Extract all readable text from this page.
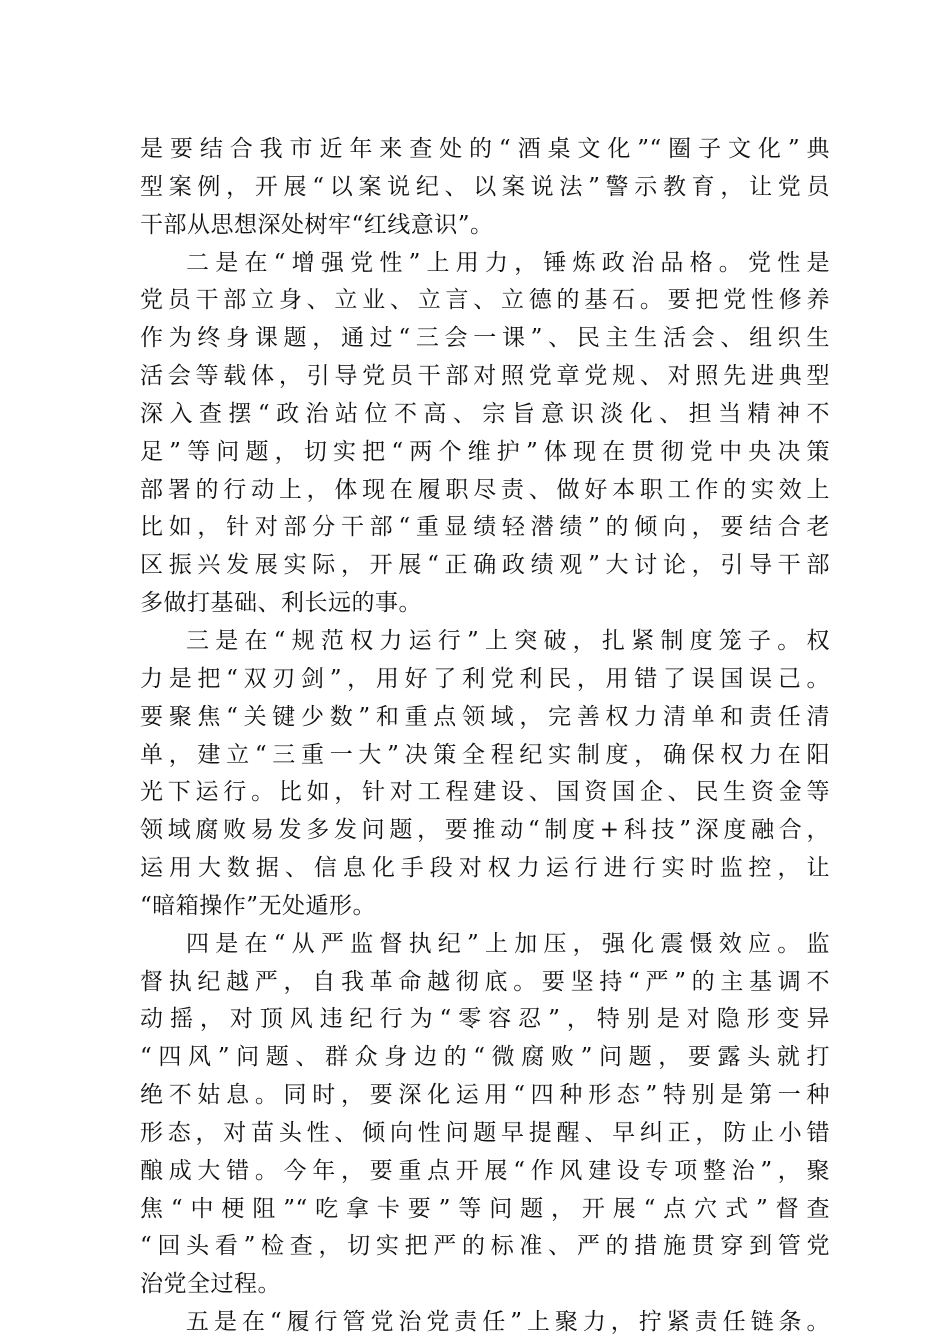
是要结合我市近年来查处的“酒桌文化”“圈子文化”典
型案例，开展“以案说纪、以案说法”警示教育，让党员
干部从思想深处树牢“红线意识”。
二是在“增强党性”上用力，锤炼政治品格。党性是
党员干部立身、立业、立言、立德的基石。要把党性修养
作为终身课题，通过“三会一课”、民主生活会、组织生
活会等载体，引导党员干部对照党章党规、对照先进典型
深入查摆“政治站位不高、宗旨意识淡化、担当精神不
足”等问题，切实把“两个维护”体现在贯彻党中央决策
部署的行动上，体现在履职尽责、做好本职工作的实效上
比如，针对部分干部“重显绩轻潜绩”的倾向，要结合老
区振兴发展实际，开展“正确政绩观”大讨论，引导干部
多做打基础、利长远的事。
三是在“规范权力运行”上突破，扎紧制度笼子。权
力是把“双刃剑”，用好了利党利民，用错了误国误己。
要聚焦“关键少数”和重点领域，完善权力清单和责任清
单，建立“三重一大”决策全程纪实制度，确保权力在阳
光下运行。比如，针对工程建设、国资国企、民生资金等
领域腐败易发多发问题，要推动“制度+科技”深度融合，
运用大数据、信息化手段对权力运行进行实时监控，让
“暗箱操作”无处遁形。
四是在“从严监督执纪”上加压，强化震慑效应。监
督执纪越严，自我革命越彻底。要坚持“严”的主基调不
动摇，对顶风违纪行为“零容忍”，特别是对隐形变异
“四风”问题、群众身边的“微腐败”问题，要露头就打
绝不姑息。同时，要深化运用“四种形态”特别是第一种
形态，对苗头性、倾向性问题早提醒、早纠正，防止小错
酿成大错。今年，要重点开展“作风建设专项整治”，聚
焦“中梗阻”“吃拿卡要”等问题，开展“点穴式”督查
“回头看”检查，切实把严的标准、严的措施贯穿到管党
治党全过程。
五是在“履行管党治党责任”上聚力，拧紧责任链条。
